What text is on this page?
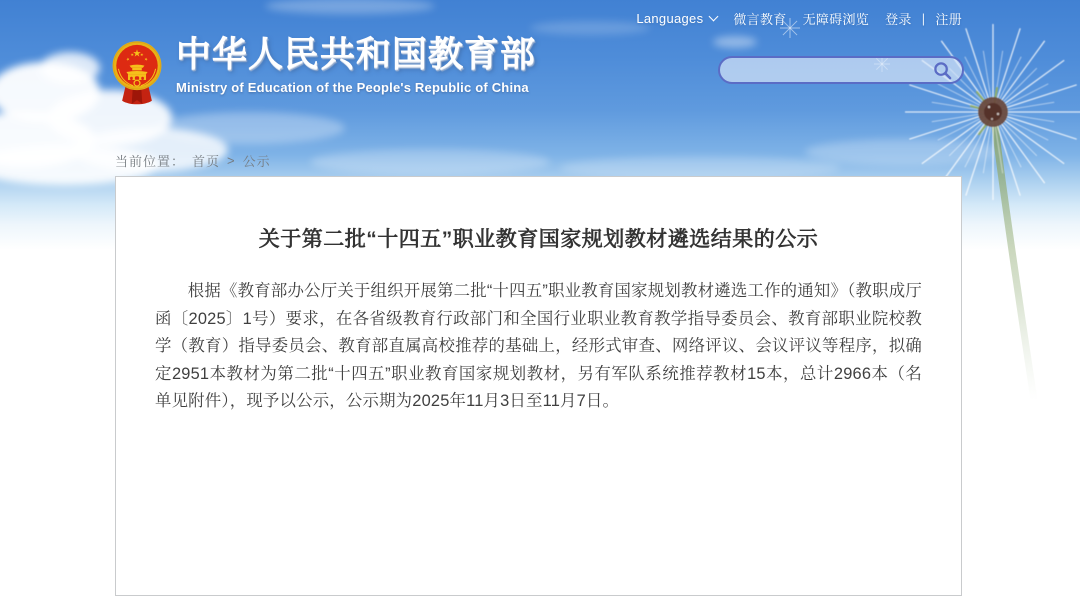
Languages 微言教育 无障碍浏览 登录 | 注册
中华人民共和国教育部
Ministry of Education of the People's Republic of China
当前位置： 首页 > 公示
关于第二批“十四五”职业教育国家规划教材遴选结果的公示

根据《教育部办公厅关于组织开展第二批“十四五”职业教育国家规划教材遴选工作的通知》（教职成厅函〔2025〕1号）要求，在各省级教育行政部门和全国行业职业教育教学指导委员会、教育部职业院校教学（教育）指导委员会、教育部直属高校推荐的基础上，经形式审查、网络评议、会议评议等程序，拟确定2951本教材为第二批“十四五”职业教育国家规划教材，另有军队系统推荐教材15本，总计2966本（名单见附件），现予以公示，公示期为2025年11月3日至11月7日。
